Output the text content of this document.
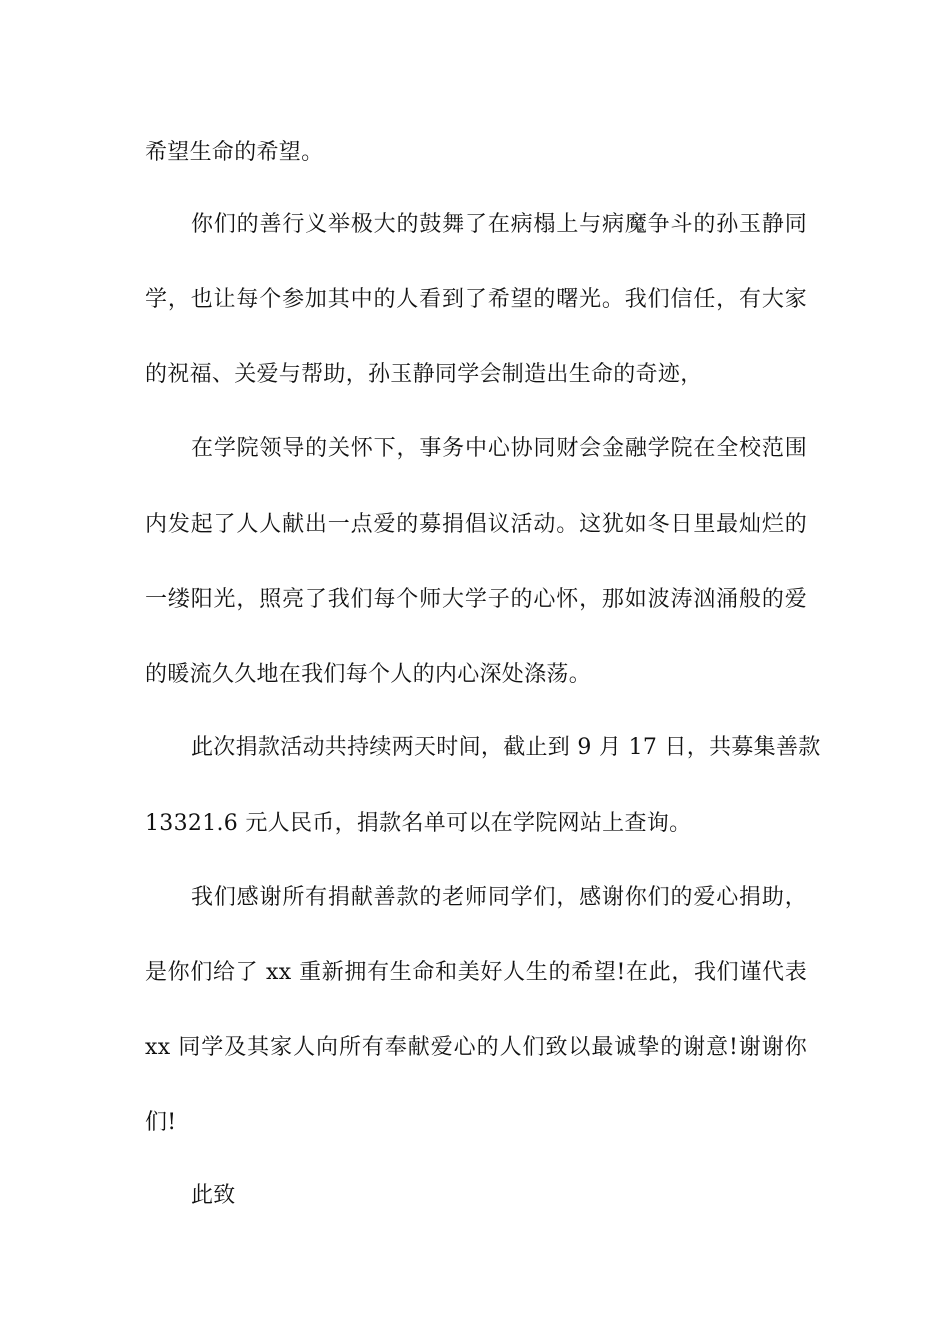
希望生命的希望。
你们的善行义举极大的鼓舞了在病榻上与病魔争斗的孙玉静同
学，也让每个参加其中的人看到了希望的曙光。我们信任，有大家
的祝福、关爱与帮助，孙玉静同学会制造出生命的奇迹，
在学院领导的关怀下，事务中心协同财会金融学院在全校范围
内发起了人人献出一点爱的募捐倡议活动。这犹如冬日里最灿烂的
一缕阳光，照亮了我们每个师大学子的心怀，那如波涛汹涌般的爱
的暖流久久地在我们每个人的内心深处涤荡。
此次捐款活动共持续两天时间，截止到 9 月 17 日，共募集善款
13321.6 元人民币，捐款名单可以在学院网站上查询。
我们感谢所有捐献善款的老师同学们，感谢你们的爱心捐助，
是你们给了 xx 重新拥有生命和美好人生的希望!在此，我们谨代表
xx 同学及其家人向所有奉献爱心的人们致以最诚挚的谢意!谢谢你
们!
此致
